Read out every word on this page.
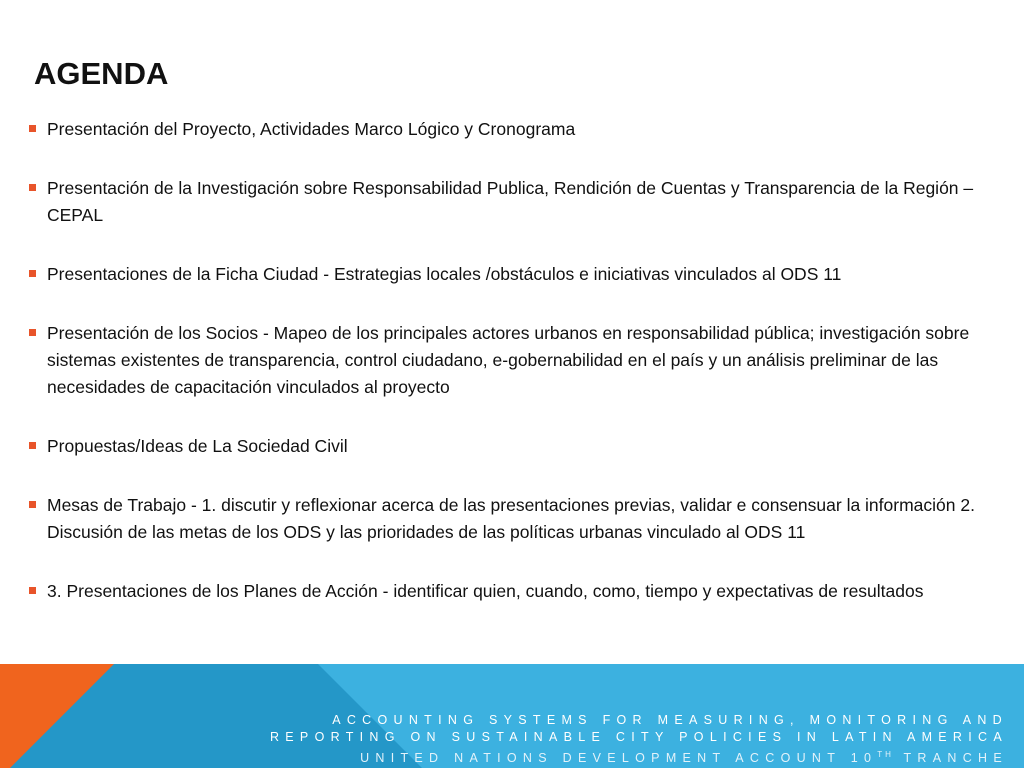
AGENDA
Presentación del Proyecto, Actividades Marco Lógico y Cronograma
Presentación de la Investigación sobre Responsabilidad Publica, Rendición de Cuentas y Transparencia de la Región – CEPAL
Presentaciones de la Ficha Ciudad - Estrategias locales /obstáculos e iniciativas vinculados al ODS 11
Presentación de los Socios - Mapeo de los principales actores urbanos en responsabilidad pública; investigación sobre sistemas existentes de transparencia, control ciudadano, e-gobernabilidad en el país y un análisis preliminar de las necesidades de capacitación vinculados al proyecto
Propuestas/Ideas de La Sociedad Civil
Mesas de Trabajo - 1. discutir y reflexionar acerca de las presentaciones previas, validar e consensuar la información 2. Discusión de las metas de los ODS y las prioridades de las políticas urbanas vinculado al ODS 11
3. Presentaciones de los Planes de Acción - identificar quien, cuando, como, tiempo y expectativas de resultados
ACCOUNTING SYSTEMS FOR MEASURING, MONITORING AND
REPORTING ON SUSTAINABLE CITY POLICIES IN LATIN AMERICA
UNITED NATIONS DEVELOPMENT ACCOUNT 10TH TRANCHE
